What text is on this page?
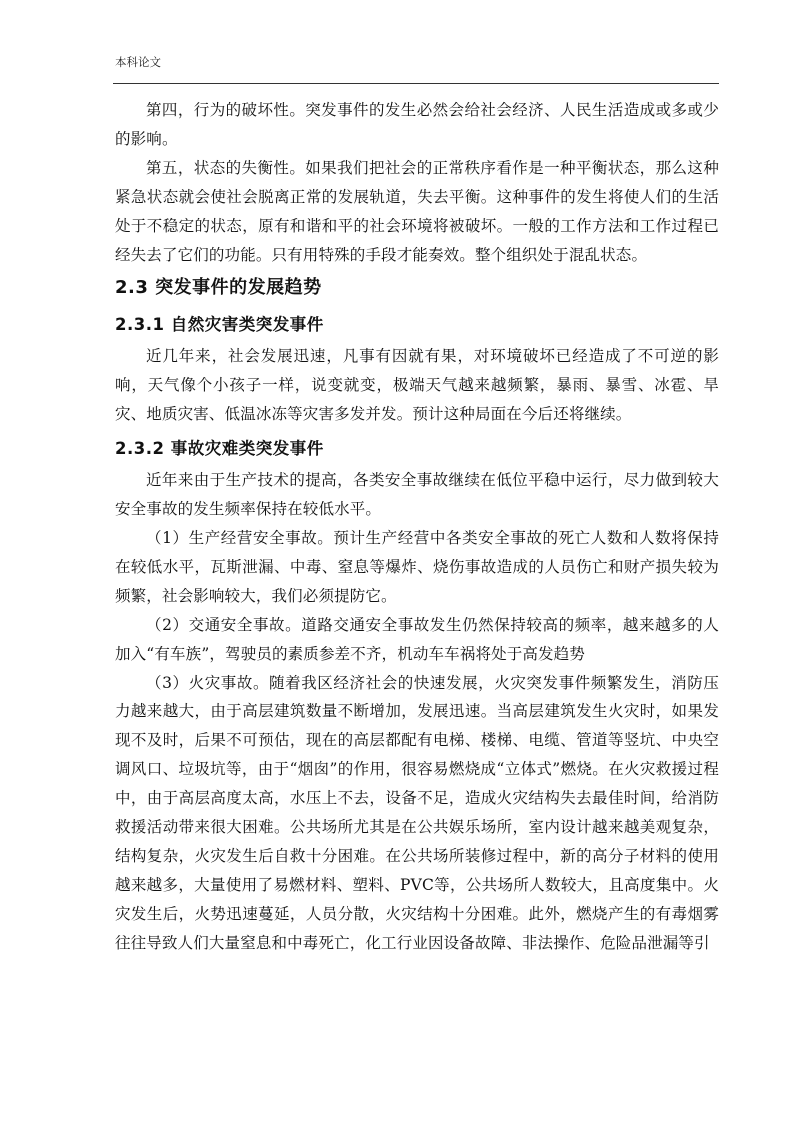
本科论文

第四，行为的破坏性。突发事件的发生必然会给社会经济、人民生活造成或多或少的影响。

第五，状态的失衡性。如果我们把社会的正常秩序看作是一种平衡状态，那么这种紧急状态就会使社会脱离正常的发展轨道，失去平衡。这种事件的发生将使人们的生活处于不稳定的状态，原有和谐和平的社会环境将被破坏。一般的工作方法和工作过程已经失去了它们的功能。只有用特殊的手段才能奏效。整个组织处于混乱状态。

2.3 突发事件的发展趋势
2.3.1 自然灾害类突发事件

近几年来，社会发展迅速，凡事有因就有果，对环境破坏已经造成了不可逆的影响，天气像个小孩子一样，说变就变，极端天气越来越频繁，暴雨、暴雪、冰雹、旱灾、地质灾害、低温冰冻等灾害多发并发。预计这种局面在今后还将继续。

2.3.2 事故灾难类突发事件

近年来由于生产技术的提高，各类安全事故继续在低位平稳中运行，尽力做到较大安全事故的发生频率保持在较低水平。

（1）生产经营安全事故。预计生产经营中各类安全事故的死亡人数和人数将保持在较低水平，瓦斯泄漏、中毒、窒息等爆炸、烧伤事故造成的人员伤亡和财产损失较为频繁，社会影响较大，我们必须提防它。

（2）交通安全事故。道路交通安全事故发生仍然保持较高的频率，越来越多的人加入“有车族”，驾驶员的素质参差不齐，机动车车祸将处于高发趋势

（3）火灾事故。随着我区经济社会的快速发展，火灾突发事件频繁发生，消防压力越来越大，由于高层建筑数量不断增加，发展迅速。当高层建筑发生火灾时，如果发现不及时，后果不可预估，现在的高层都配有电梯、楼梯、电缆、管道等竖坑、中央空调风口、垃圾坑等，由于“烟囱”的作用，很容易燃烧成“立体式”燃烧。在火灾救援过程中，由于高层高度太高，水压上不去，设备不足，造成火灾结构失去最佳时间，给消防救援活动带来很大困难。公共场所尤其是在公共娱乐场所，室内设计越来越美观复杂，结构复杂，火灾发生后自救十分困难。在公共场所装修过程中，新的高分子材料的使用越来越多，大量使用了易燃材料、塑料、PVC等，公共场所人数较大，且高度集中。火灾发生后，火势迅速蔓延，人员分散，火灾结构十分困难。此外，燃烧产生的有毒烟雾往往导致人们大量窒息和中毒死亡，化工行业因设备故障、非法操作、危险品泄漏等引
